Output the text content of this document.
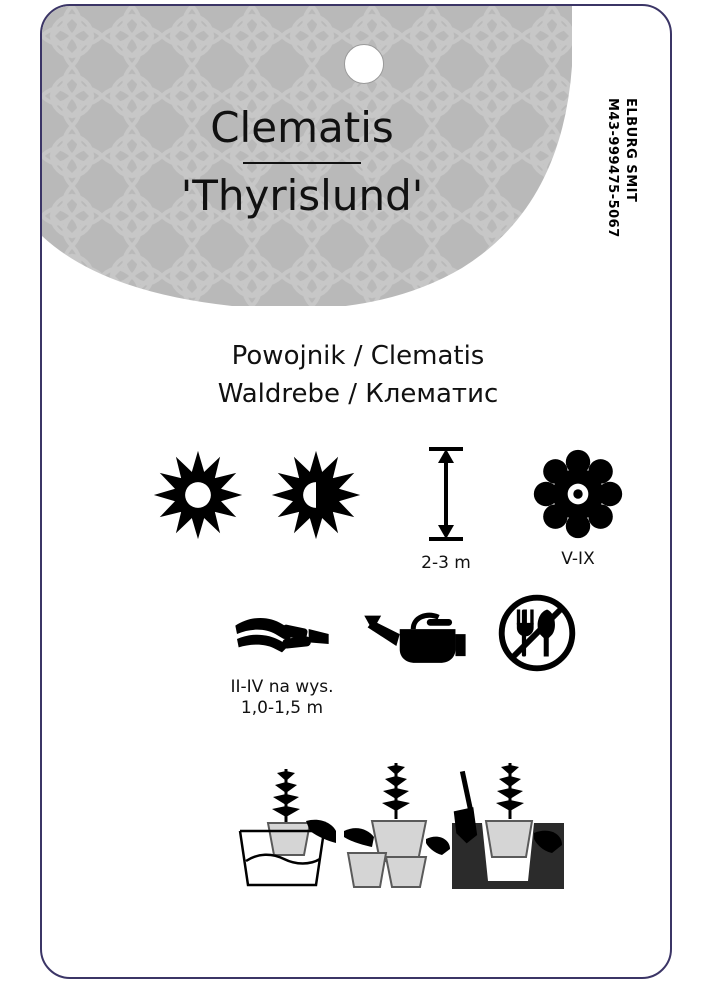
Clematis
'Thyrislund'	ELBURG SMIT
M43-999475-5067
Powojnik / Clematis
Waldrebe / Клематис
2-3 m	V-IX
II-IV na wys.
1,0-1,5 m
